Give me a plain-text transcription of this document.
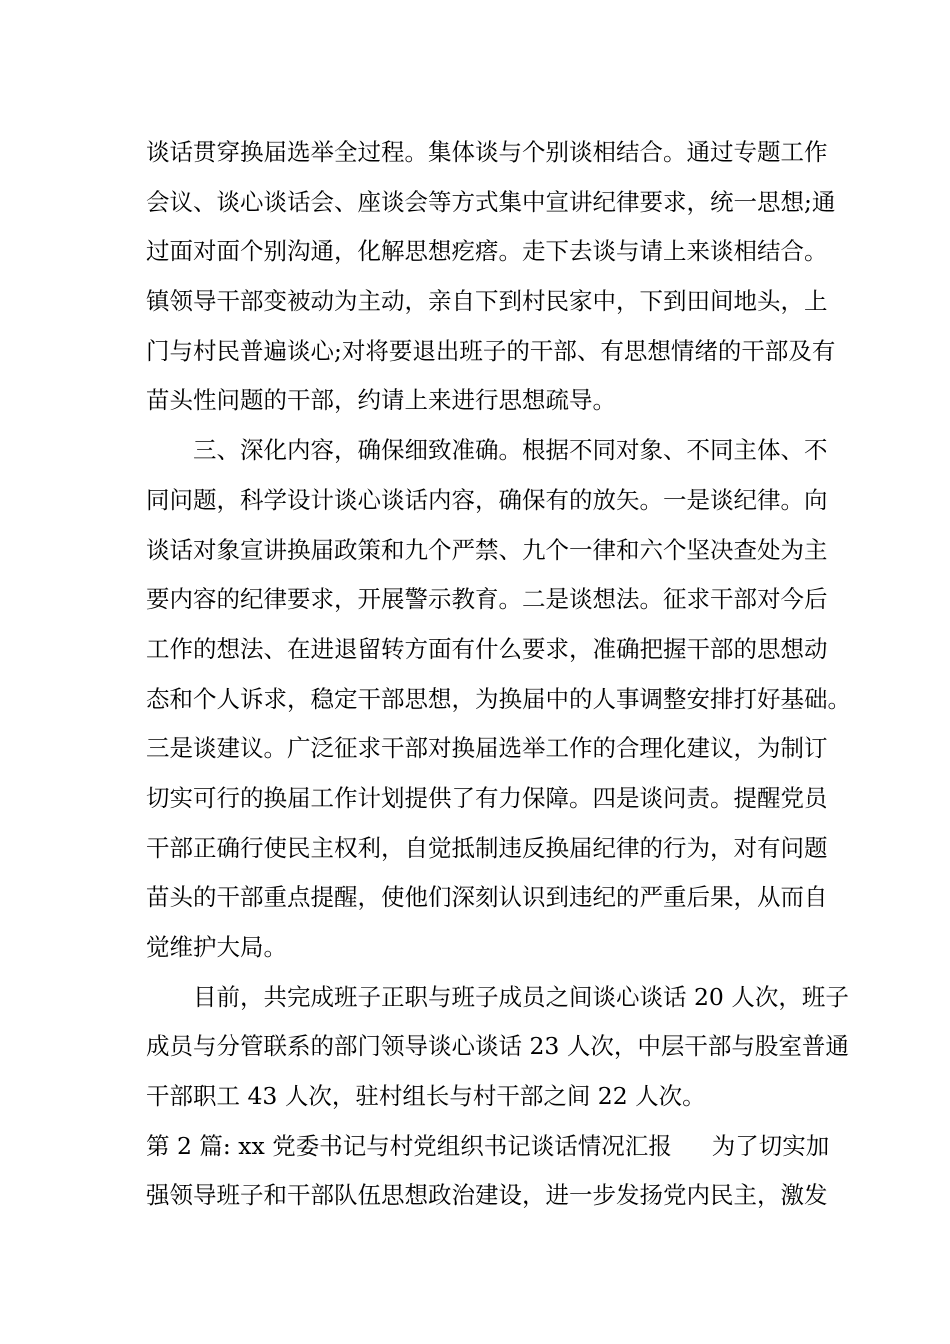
谈话贯穿换届选举全过程。集体谈与个别谈相结合。通过专题工作
会议、谈心谈话会、座谈会等方式集中宣讲纪律要求，统一思想;通
过面对面个别沟通，化解思想疙瘩。走下去谈与请上来谈相结合。
镇领导干部变被动为主动，亲自下到村民家中，下到田间地头，上
门与村民普遍谈心;对将要退出班子的干部、有思想情绪的干部及有
苗头性问题的干部，约请上来进行思想疏导。
三、深化内容，确保细致准确。根据不同对象、不同主体、不
同问题，科学设计谈心谈话内容，确保有的放矢。一是谈纪律。向
谈话对象宣讲换届政策和九个严禁、九个一律和六个坚决查处为主
要内容的纪律要求，开展警示教育。二是谈想法。征求干部对今后
工作的想法、在进退留转方面有什么要求，准确把握干部的思想动
态和个人诉求，稳定干部思想，为换届中的人事调整安排打好基础。
三是谈建议。广泛征求干部对换届选举工作的合理化建议，为制订
切实可行的换届工作计划提供了有力保障。四是谈问责。提醒党员
干部正确行使民主权利，自觉抵制违反换届纪律的行为，对有问题
苗头的干部重点提醒，使他们深刻认识到违纪的严重后果，从而自
觉维护大局。
目前，共完成班子正职与班子成员之间谈心谈话 20 人次，班子
成员与分管联系的部门领导谈心谈话 23 人次，中层干部与股室普通
干部职工 43 人次，驻村组长与村干部之间 22 人次。
第 2 篇: xx 党委书记与村党组织书记谈话情况汇报 为了切实加
强领导班子和干部队伍思想政治建设，进一步发扬党内民主，激发
